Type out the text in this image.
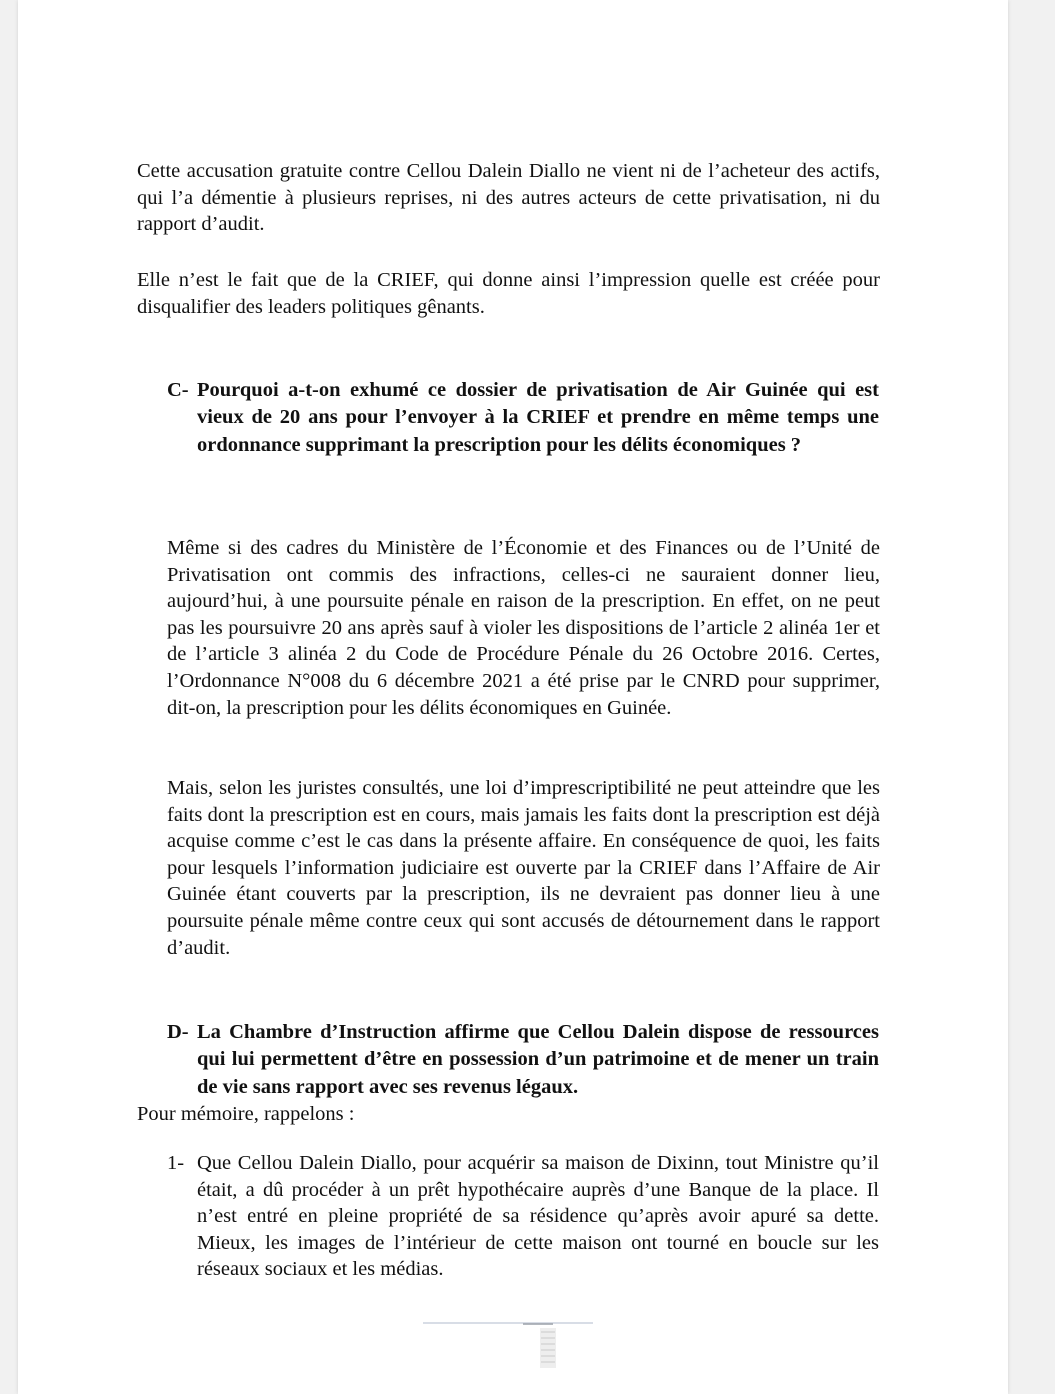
Cette accusation gratuite contre Cellou Dalein Diallo ne vient ni de l’acheteur des actifs, qui l’a démentie à plusieurs reprises, ni des autres acteurs de cette privatisation, ni du rapport d’audit.

Elle n’est le fait que de la CRIEF, qui donne ainsi l’impression quelle est créée pour disqualifier des leaders politiques gênants.

C- Pourquoi a-t-on exhumé ce dossier de privatisation de Air Guinée qui est vieux de 20 ans pour l’envoyer à la CRIEF et prendre en même temps une ordonnance supprimant la prescription pour les délits économiques ?

Même si des cadres du Ministère de l’Économie et des Finances ou de l’Unité de Privatisation ont commis des infractions, celles-ci ne sauraient donner lieu, aujourd’hui, à une poursuite pénale en raison de la prescription. En effet, on ne peut pas les poursuivre 20 ans après sauf à violer les dispositions de l’article 2 alinéa 1er et de l’article 3 alinéa 2 du Code de Procédure Pénale du 26 Octobre 2016. Certes, l’Ordonnance N°008 du 6 décembre 2021 a été prise par le CNRD pour supprimer, dit-on, la prescription pour les délits économiques en Guinée.

Mais, selon les juristes consultés, une loi d’imprescriptibilité ne peut atteindre que les faits dont la prescription est en cours, mais jamais les faits dont la prescription est déjà acquise comme c’est le cas dans la présente affaire. En conséquence de quoi, les faits pour lesquels l’information judiciaire est ouverte par la CRIEF dans l’Affaire de Air Guinée étant couverts par la prescription, ils ne devraient pas donner lieu à une poursuite pénale même contre ceux qui sont accusés de détournement dans le rapport d’audit.

D- La Chambre d’Instruction affirme que Cellou Dalein dispose de ressources qui lui permettent d’être en possession d’un patrimoine et de mener un train de vie sans rapport avec ses revenus légaux.

Pour mémoire, rappelons :

1- Que Cellou Dalein Diallo, pour acquérir sa maison de Dixinn, tout Ministre qu’il était, a dû procéder à un prêt hypothécaire auprès d’une Banque de la place. Il n’est entré en pleine propriété de sa résidence qu’après avoir apuré sa dette. Mieux, les images de l’intérieur de cette maison ont tourné en boucle sur les réseaux sociaux et les médias.
